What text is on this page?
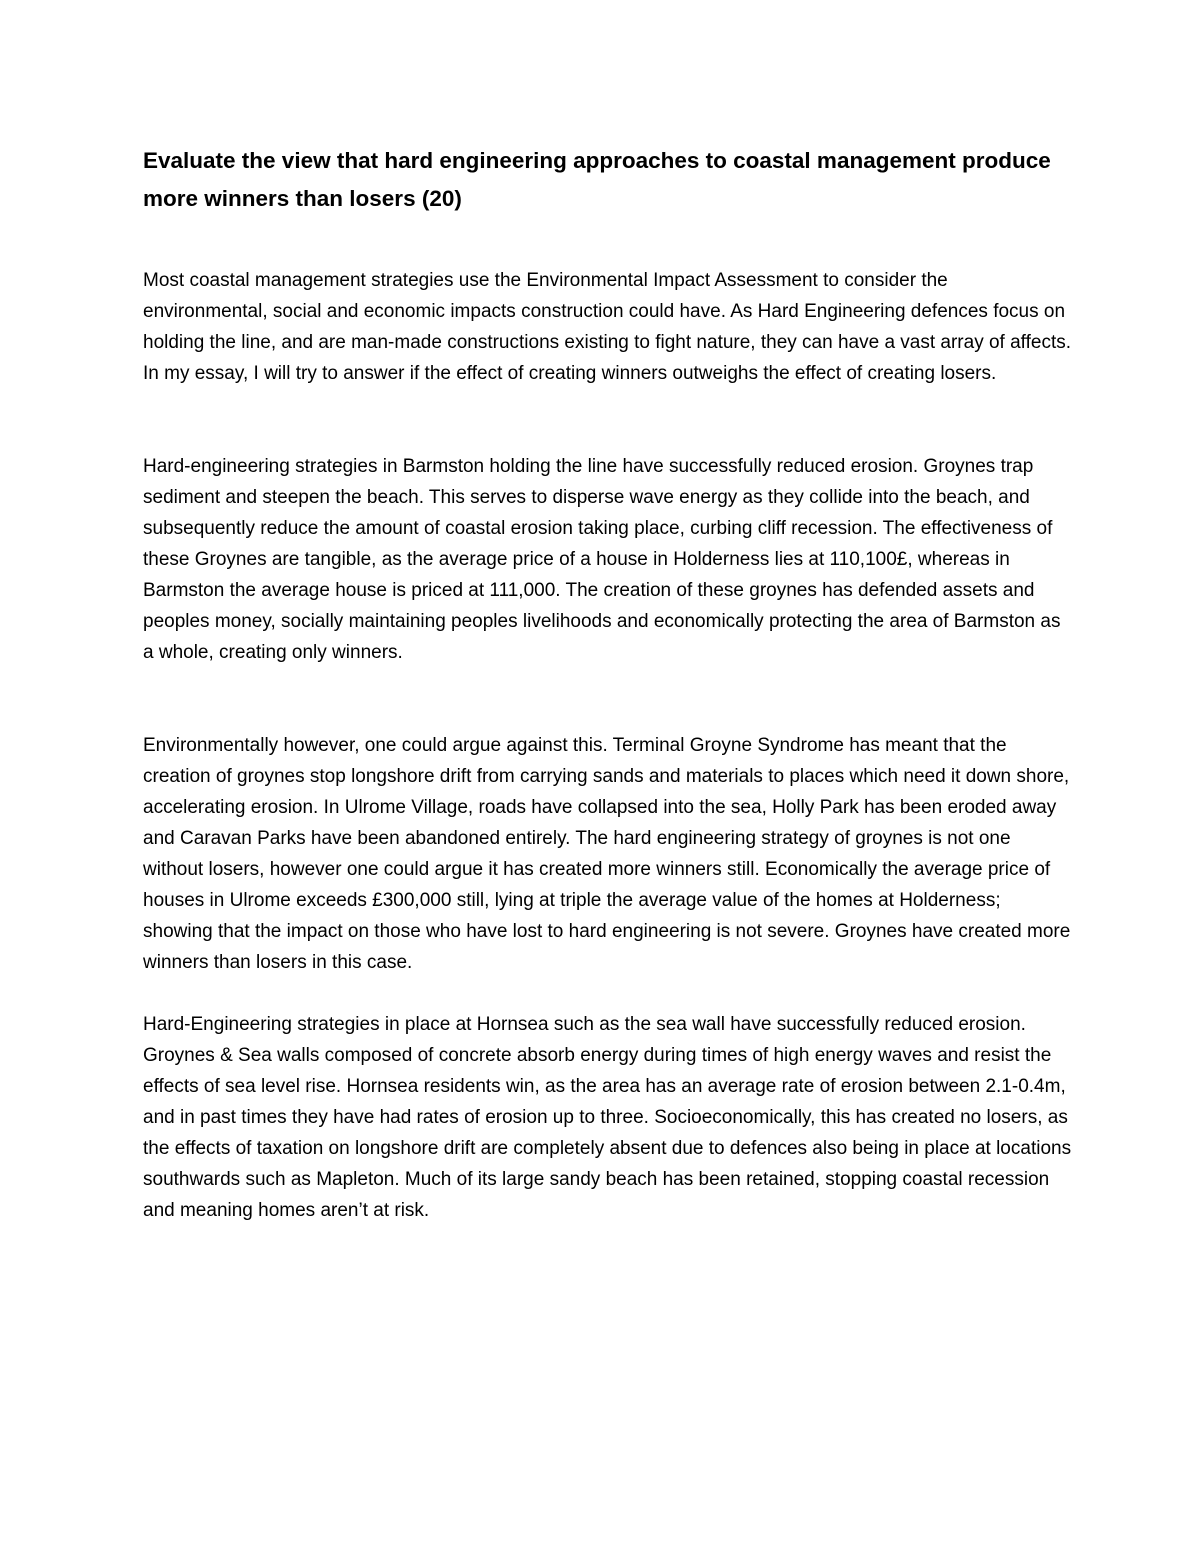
Evaluate the view that hard engineering approaches to coastal management produce more winners than losers (20)

Most coastal management strategies use the Environmental Impact Assessment to consider the environmental, social and economic impacts construction could have. As Hard Engineering defences focus on holding the line, and are man-made constructions existing to fight nature, they can have a vast array of affects. In my essay, I will try to answer if the effect of creating winners outweighs the effect of creating losers.

Hard-engineering strategies in Barmston holding the line have successfully reduced erosion. Groynes trap sediment and steepen the beach. This serves to disperse wave energy as they collide into the beach, and subsequently reduce the amount of coastal erosion taking place, curbing cliff recession. The effectiveness of these Groynes are tangible, as the average price of a house in Holderness lies at 110,100£, whereas in Barmston the average house is priced at 111,000. The creation of these groynes has defended assets and peoples money, socially maintaining peoples livelihoods and economically protecting the area of Barmston as a whole, creating only winners.

Environmentally however, one could argue against this. Terminal Groyne Syndrome has meant that the creation of groynes stop longshore drift from carrying sands and materials to places which need it down shore, accelerating erosion. In Ulrome Village, roads have collapsed into the sea, Holly Park has been eroded away and Caravan Parks have been abandoned entirely. The hard engineering strategy of groynes is not one without losers, however one could argue it has created more winners still. Economically the average price of houses in Ulrome exceeds £300,000 still, lying at triple the average value of the homes at Holderness; showing that the impact on those who have lost to hard engineering is not severe. Groynes have created more winners than losers in this case.

Hard-Engineering strategies in place at Hornsea such as the sea wall have successfully reduced erosion. Groynes & Sea walls composed of concrete absorb energy during times of high energy waves and resist the effects of sea level rise. Hornsea residents win, as the area has an average rate of erosion between 2.1-0.4m, and in past times they have had rates of erosion up to three. Socioeconomically, this has created no losers, as the effects of taxation on longshore drift are completely absent due to defences also being in place at locations southwards such as Mapleton. Much of its large sandy beach has been retained, stopping coastal recession and meaning homes aren’t at risk.
